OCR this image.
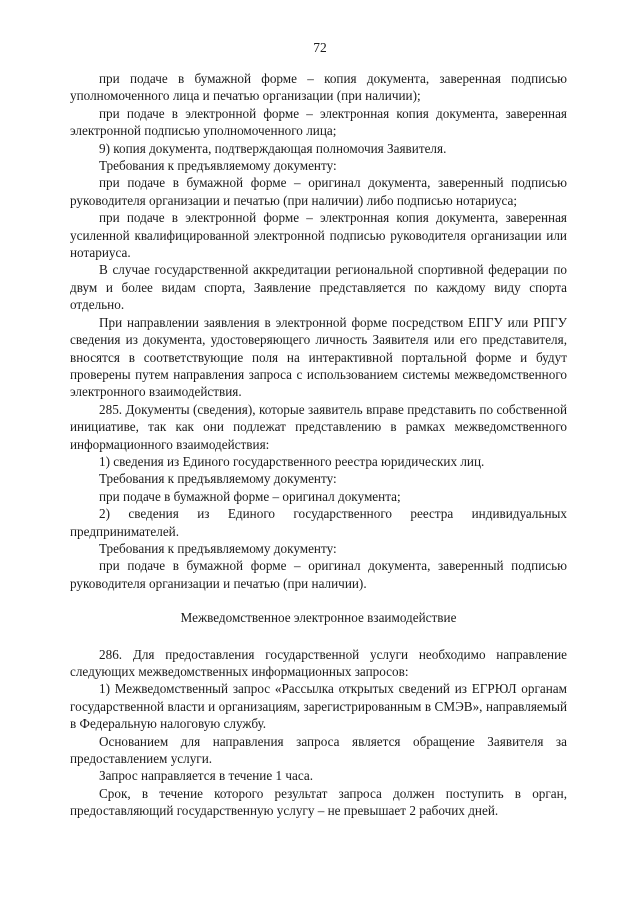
72

при подаче в бумажной форме – копия документа, заверенная подписью уполномоченного лица и печатью организации (при наличии);

при подаче в электронной форме – электронная копия документа, заверенная электронной подписью уполномоченного лица;

9) копия документа, подтверждающая полномочия Заявителя.

Требования к предъявляемому документу:

при подаче в бумажной форме – оригинал документа, заверенный подписью руководителя организации и печатью (при наличии) либо подписью нотариуса;

при подаче в электронной форме – электронная копия документа, заверенная усиленной квалифицированной электронной подписью руководителя организации или нотариуса.

В случае государственной аккредитации региональной спортивной федерации по двум и более видам спорта, Заявление представляется по каждому виду спорта отдельно.

При направлении заявления в электронной форме посредством ЕПГУ или РПГУ сведения из документа, удостоверяющего личность Заявителя или его представителя, вносятся в соответствующие поля на интерактивной портальной форме и будут проверены путем направления запроса с использованием системы межведомственного электронного взаимодействия.

285. Документы (сведения), которые заявитель вправе представить по собственной инициативе, так как они подлежат представлению в рамках межведомственного информационного взаимодействия:

1) сведения из Единого государственного реестра юридических лиц.

Требования к предъявляемому документу:

при подаче в бумажной форме – оригинал документа;

2) сведения из Единого государственного реестра индивидуальных предпринимателей.

Требования к предъявляемому документу:

при подаче в бумажной форме – оригинал документа, заверенный подписью руководителя организации и печатью (при наличии).

Межведомственное электронное взаимодействие

286. Для предоставления государственной услуги необходимо направление следующих межведомственных информационных запросов:

1) Межведомственный запрос «Рассылка открытых сведений из ЕГРЮЛ органам государственной власти и организациям, зарегистрированным в СМЭВ», направляемый в Федеральную налоговую службу.

Основанием для направления запроса является обращение Заявителя за предоставлением услуги.

Запрос направляется в течение 1 часа.

Срок, в течение которого результат запроса должен поступить в орган, предоставляющий государственную услугу – не превышает 2 рабочих дней.
